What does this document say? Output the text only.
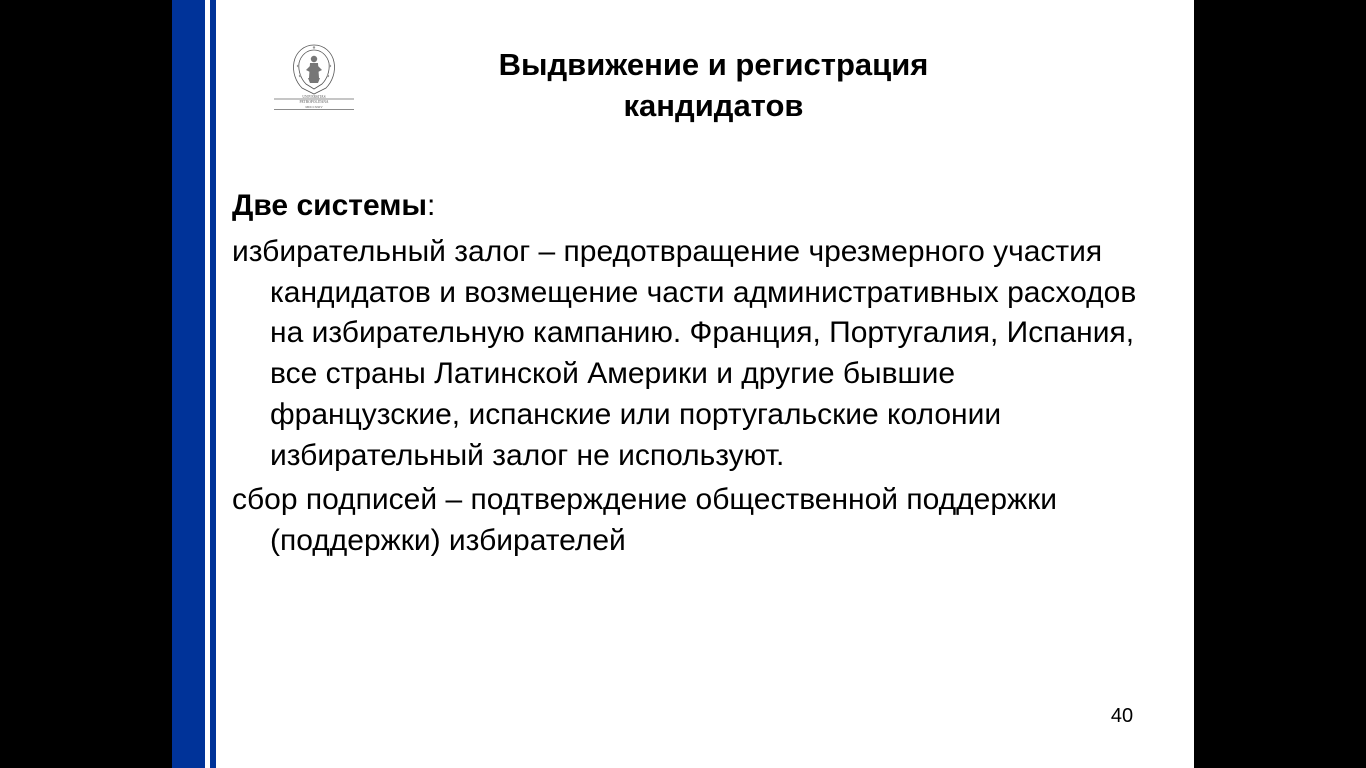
UNIVERSITAS
PETROPOLITANA
MDCCXXIV
Выдвижение и регистрация
кандидатов

Две системы:

избирательный залог – предотвращение чрезмерного участия кандидатов и возмещение части административных расходов на избирательную кампанию. Франция, Португалия, Испания, все страны Латинской Америки и другие бывшие французские, испанские или португальские колонии избирательный залог не используют.

сбор подписей – подтверждение общественной поддержки (поддержки) избирателей

40
